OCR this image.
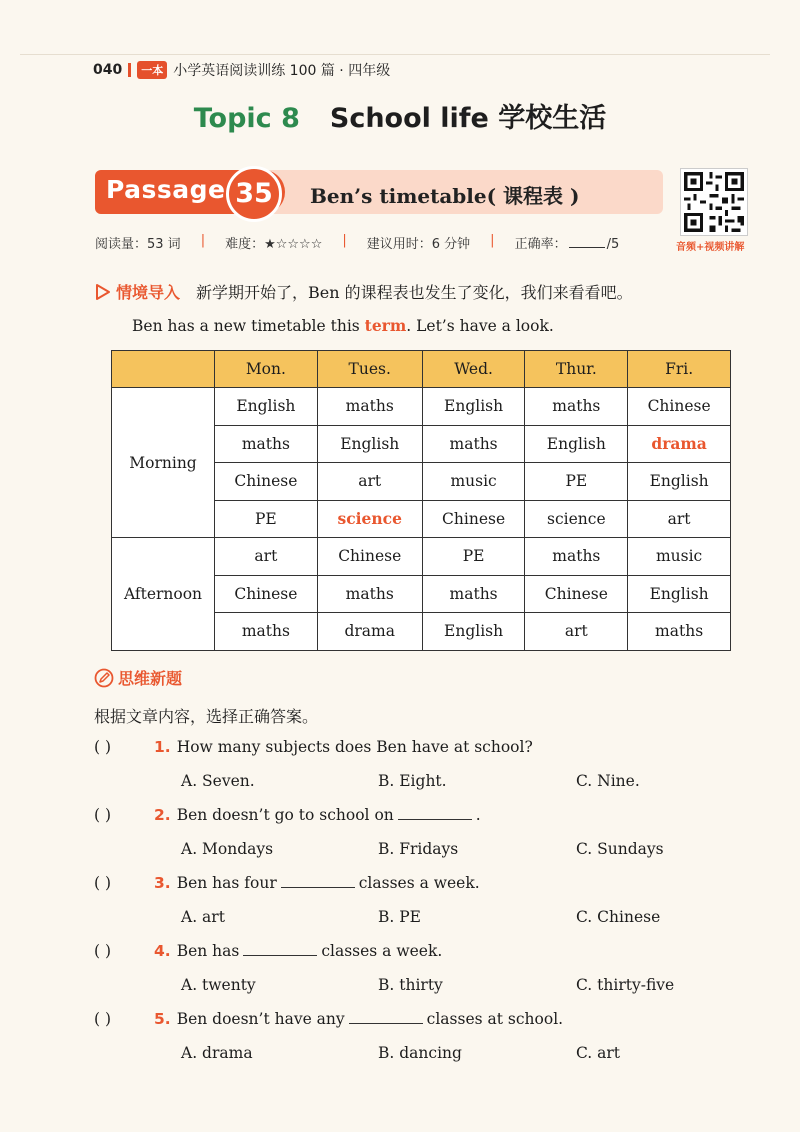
040	一本 小学英语阅读训练 100 篇 · 四年级
Topic 8 School life 学校生活
Passage 35	Ben’s timetable( 课程表 )
音频+视频讲解
阅读量：53 词 | 难度：★☆☆☆☆ | 建议用时：6 分钟 | 正确率：	/5
情境导入 新学期开始了，Ben 的课程表也发生了变化，我们来看看吧。
Ben has a new timetable this term. Let’s have a look.
	Mon.	Tues.	Wed.	Thur.	Fri.
Morning	English	maths	English	maths	Chinese
	maths	English	maths	English	drama
	Chinese	art	music	PE	English
	PE	science	Chinese	science	art
Afternoon	art	Chinese	PE	maths	music
	Chinese	maths	maths	Chinese	English
	maths	drama	English	art	maths
思维新题
根据文章内容，选择正确答案。
( )	1. How many subjects does Ben have at school?
A. Seven.	B. Eight.	C. Nine.
( )	2. Ben doesn’t go to school on	.
A. Mondays	B. Fridays	C. Sundays
( )	3. Ben has four	classes a week.
A. art	B. PE	C. Chinese
( )	4. Ben has	classes a week.
A. twenty	B. thirty	C. thirty-five
( )	5. Ben doesn’t have any	classes at school.
A. drama	B. dancing	C. art
